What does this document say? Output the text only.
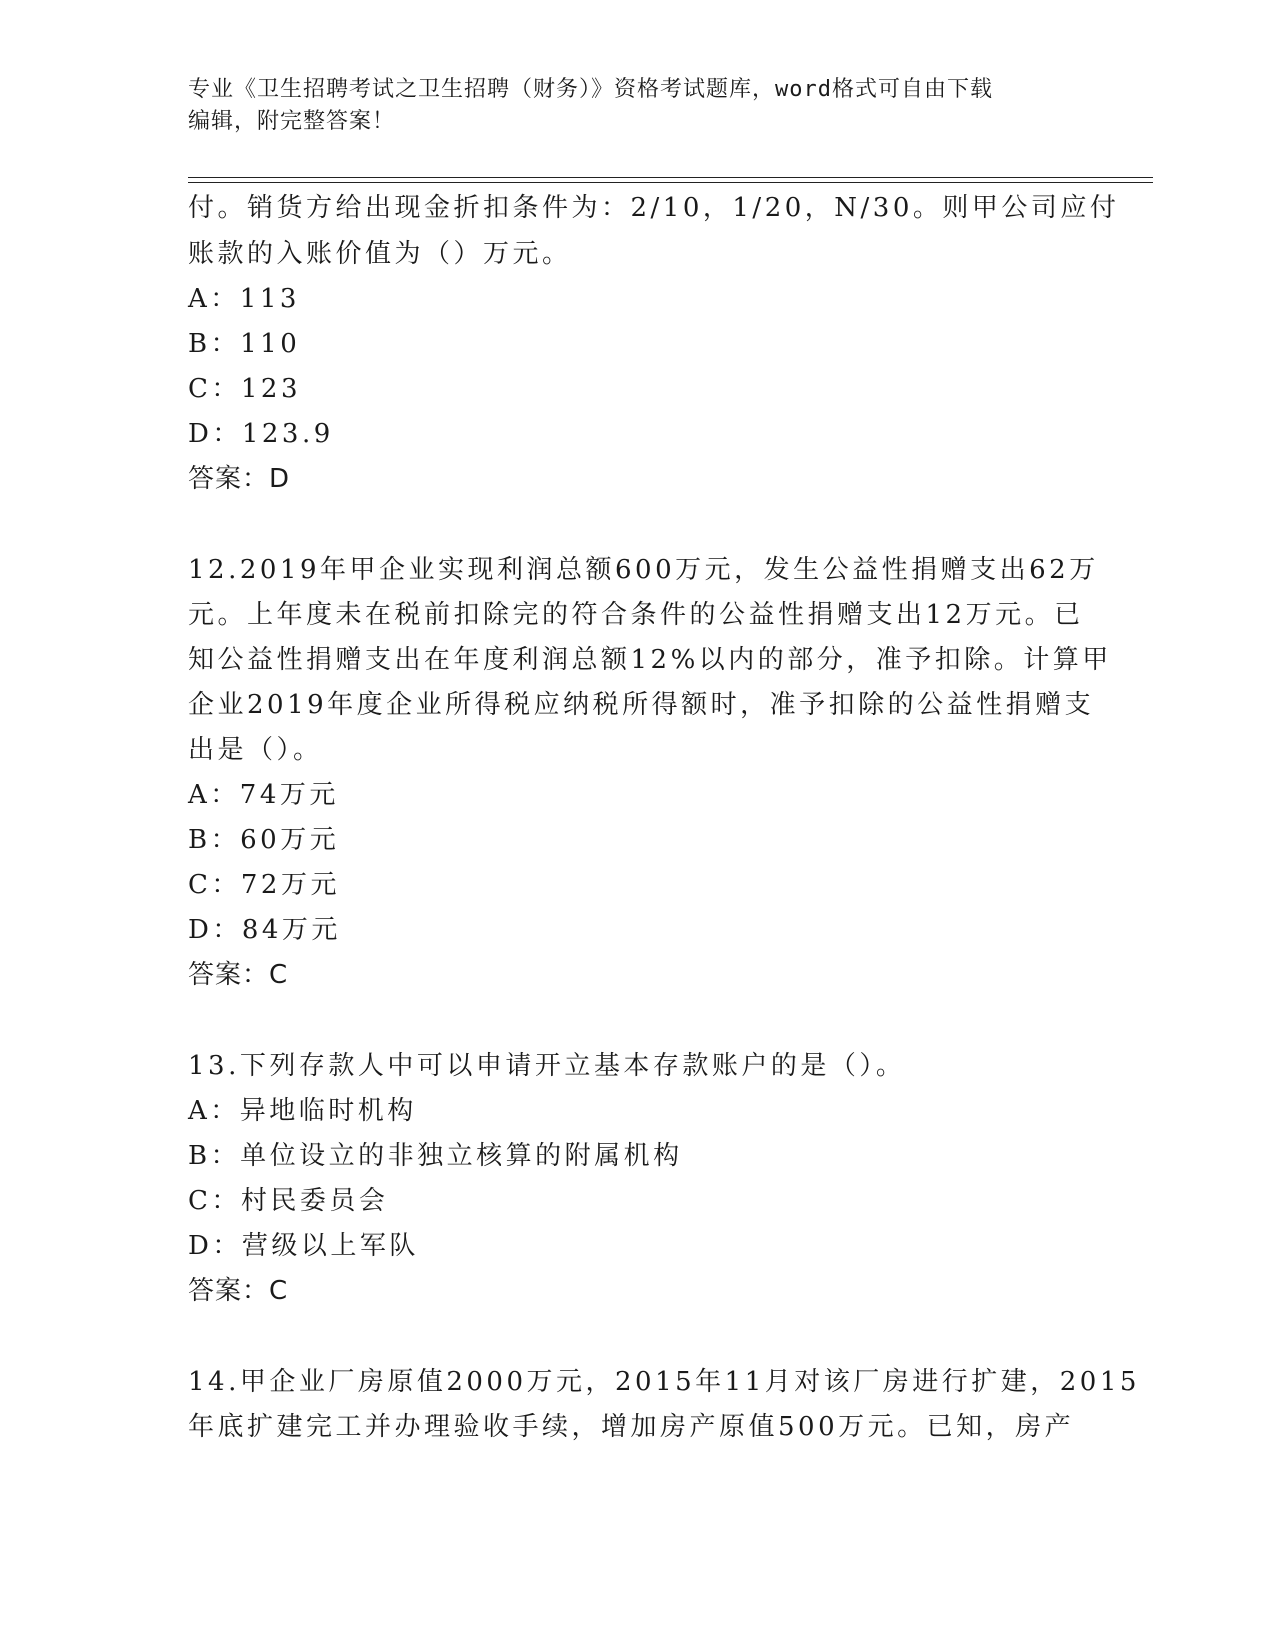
专业《卫生招聘考试之卫生招聘（财务）》资格考试题库，word格式可自由下载
编辑，附完整答案！
付。销货方给出现金折扣条件为：2/10，1/20，N/30。则甲公司应付
账款的入账价值为（）万元。
A：113
B：110
C：123
D：123.9
答案：D
12.2019年甲企业实现利润总额600万元，发生公益性捐赠支出62万
元。上年度未在税前扣除完的符合条件的公益性捐赠支出12万元。已
知公益性捐赠支出在年度利润总额12%以内的部分，准予扣除。计算甲
企业2019年度企业所得税应纳税所得额时，准予扣除的公益性捐赠支
出是（）。
A：74万元
B：60万元
C：72万元
D：84万元
答案：C
13.下列存款人中可以申请开立基本存款账户的是（）。
A：异地临时机构
B：单位设立的非独立核算的附属机构
C：村民委员会
D：营级以上军队
答案：C
14.甲企业厂房原值2000万元，2015年11月对该厂房进行扩建，2015
年底扩建完工并办理验收手续，增加房产原值500万元。已知，房产
